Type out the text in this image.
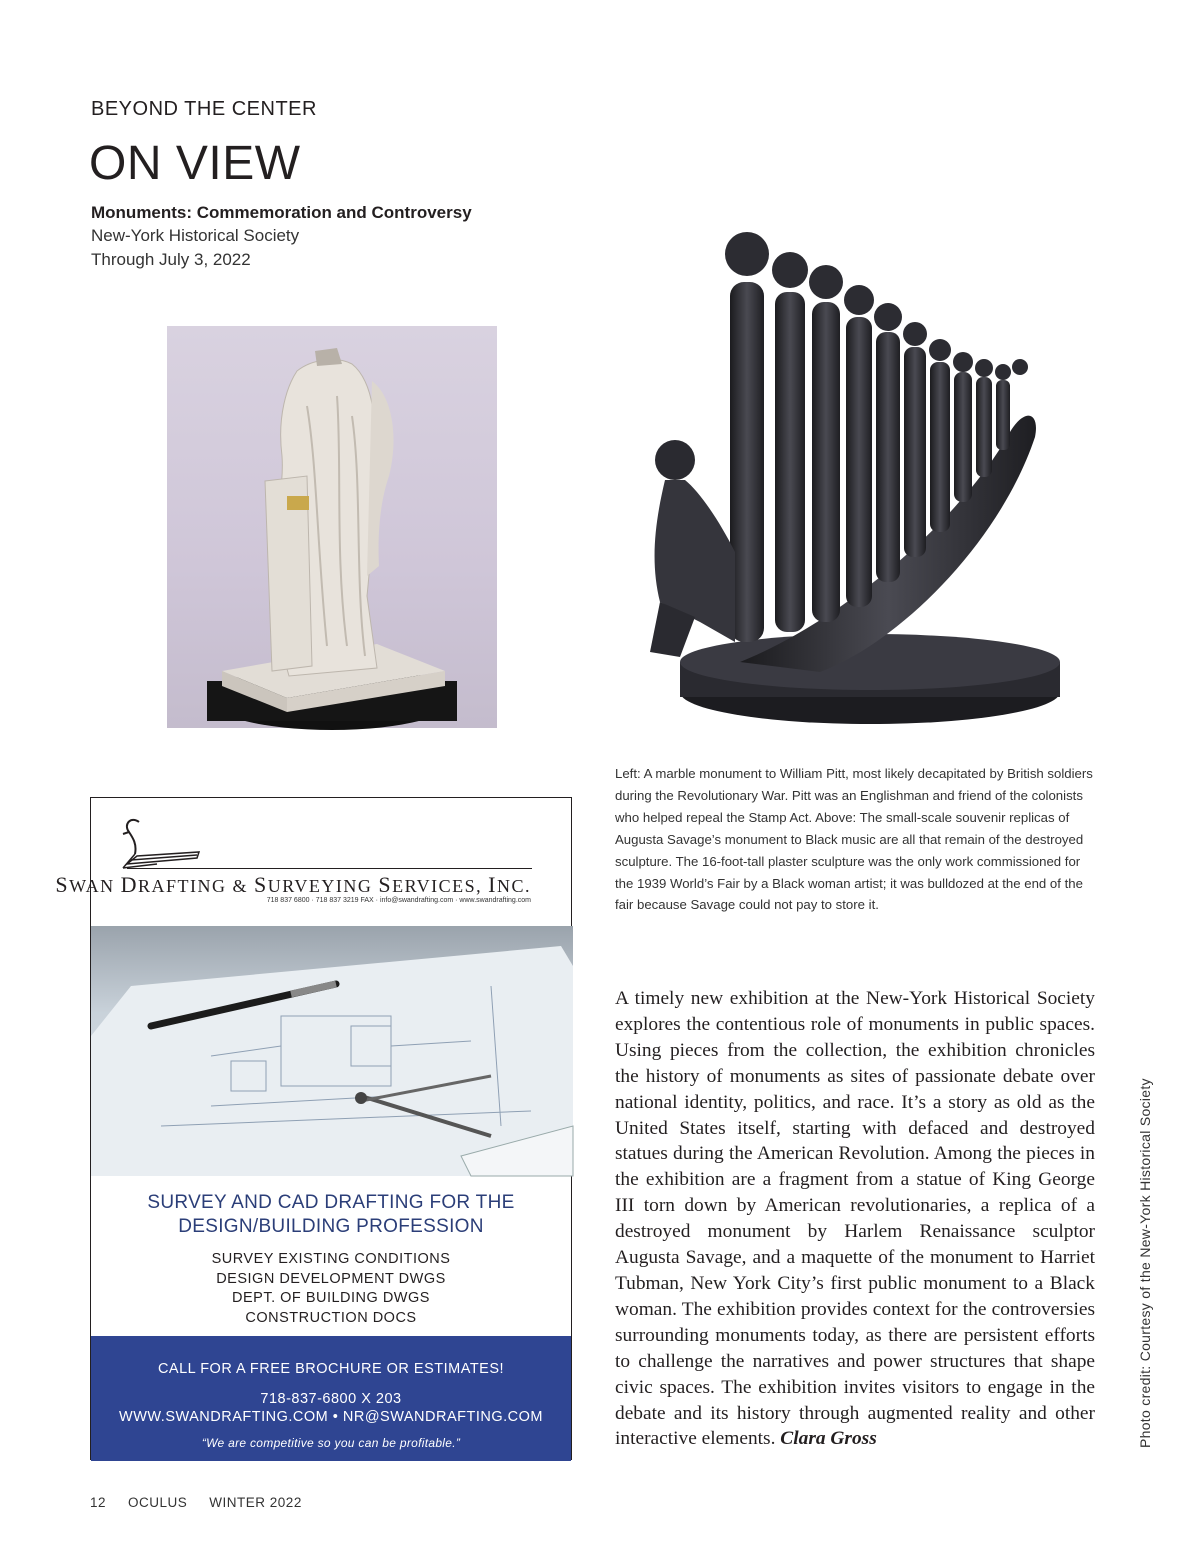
BEYOND THE CENTER
ON VIEW
Monuments: Commemoration and Controversy
New-York Historical Society
Through July 3, 2022
Left: A marble monument to William Pitt, most likely decapitated by British soldiers during the Revolutionary War. Pitt was an Englishman and friend of the colonists who helped repeal the Stamp Act. Above: The small-scale souvenir replicas of Augusta Savage’s monument to Black music are all that remain of the destroyed sculpture. The 16-foot-tall plaster sculpture was the only work commissioned for the 1939 World’s Fair by a Black woman artist; it was bulldozed at the end of the fair because Savage could not pay to store it.
A timely new exhibition at the New-York Historical Society explores the contentious role of monuments in public spaces. Using pieces from the collection, the exhibition chronicles the history of monuments as sites of passionate debate over national identity, politics, and race. It’s a story as old as the United States itself, starting with defaced and destroyed statues during the American Revolution. Among the pieces in the exhibition are a fragment from a statue of King George III torn down by American revolutionaries, a replica of a destroyed monument by Harlem Renaissance sculptor Augusta Savage, and a maquette of the monument to Harriet Tubman, New York City’s first public monument to a Black woman. The exhibition provides context for the controversies surrounding monuments today, as there are persistent efforts to challenge the narratives and power structures that shape civic spaces. The exhibition invites visitors to engage in the debate and its history through augmented reality and other interactive elements. Clara Gross	Photo credit: Courtesy of the New-York Historical Society
SWAN DRAFTING & SURVEYING SERVICES, INC.
718 837 6800 · 718 837 3219 FAX · info@swandrafting.com · www.swandrafting.com
SURVEY AND CAD DRAFTING FOR THE
DESIGN/BUILDING PROFESSION
SURVEY EXISTING CONDITIONS
DESIGN DEVELOPMENT DWGS
DEPT. OF BUILDING DWGS
CONSTRUCTION DOCS
CALL FOR A FREE BROCHURE OR ESTIMATES!
718-837-6800 X 203
WWW.SWANDRAFTING.COM • NR@SWANDRAFTING.COM
“We are competitive so you can be profitable.”
12 OCULUS WINTER 2022
